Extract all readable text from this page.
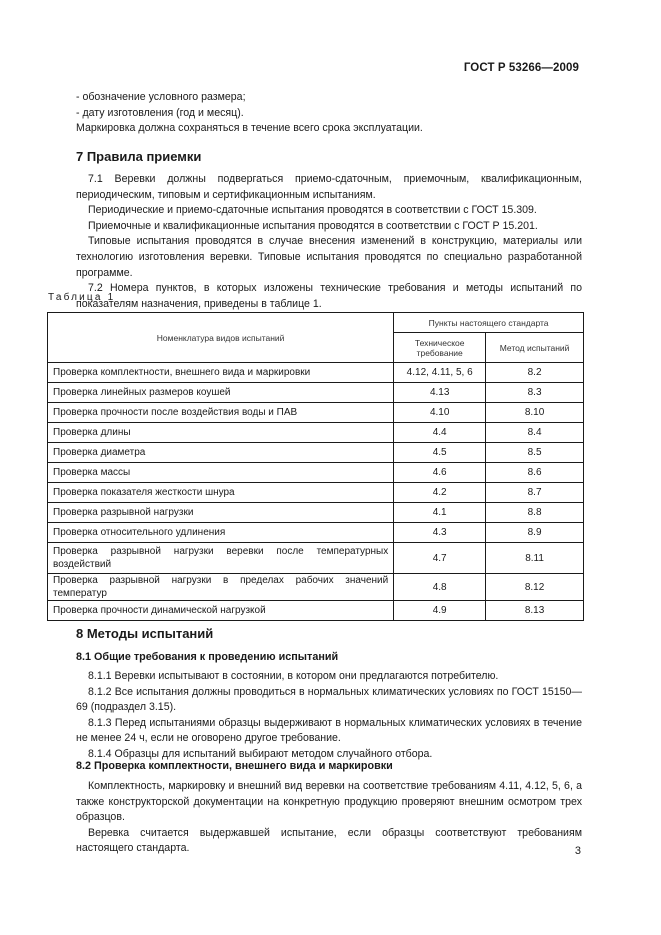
ГОСТ Р 53266—2009

- обозначение условного размера;

- дату изготовления (год и месяц).

Маркировка должна сохраняться в течение всего срока эксплуатации.

7 Правила приемки

7.1 Веревки должны подвергаться приемо-сдаточным, приемочным, квалификационным, периодическим, типовым и сертификационным испытаниям.

Периодические и приемо-сдаточные испытания проводятся в соответствии с ГОСТ 15.309.

Приемочные и квалификационные испытания проводятся в соответствии с ГОСТ Р 15.201.

Типовые испытания проводятся в случае внесения изменений в конструкцию, материалы или технологию изготовления веревки. Типовые испытания проводятся по специально разработанной программе.

7.2 Номера пунктов, в которых изложены технические требования и методы испытаний по показателям назначения, приведены в таблице 1.

Таблица 1
Номенклатура видов испытаний	Пункты настоящего стандарта	
	Техническое требование	Метод испытаний
Проверка комплектности, внешнего вида и маркировки	4.12, 4.11, 5, 6	8.2
Проверка линейных размеров коушей	4.13	8.3
Проверка прочности после воздействия воды и ПАВ	4.10	8.10
Проверка длины	4.4	8.4
Проверка диаметра	4.5	8.5
Проверка массы	4.6	8.6
Проверка показателя жесткости шнура	4.2	8.7
Проверка разрывной нагрузки	4.1	8.8
Проверка относительного удлинения	4.3	8.9
Проверка разрывной нагрузки веревки после температурных воздействий	4.7	8.11
Проверка разрывной нагрузки в пределах рабочих значений температур	4.8	8.12
Проверка прочности динамической нагрузкой	4.9	8.13
8 Методы испытаний
8.1 Общие требования к проведению испытаний

8.1.1 Веревки испытывают в состоянии, в котором они предлагаются потребителю.

8.1.2 Все испытания должны проводиться в нормальных климатических условиях по ГОСТ 15150—69 (подраздел 3.15).

8.1.3 Перед испытаниями образцы выдерживают в нормальных климатических условиях в течение не менее 24 ч, если не оговорено другое требование.

8.1.4 Образцы для испытаний выбирают методом случайного отбора.

8.2 Проверка комплектности, внешнего вида и маркировки

Комплектность, маркировку и внешний вид веревки на соответствие требованиям 4.11, 4.12, 5, 6, а также конструкторской документации на конкретную продукцию проверяют внешним осмотром трех образцов.

Веревка считается выдержавшей испытание, если образцы соответствуют требованиям настоящего стандарта.	3
